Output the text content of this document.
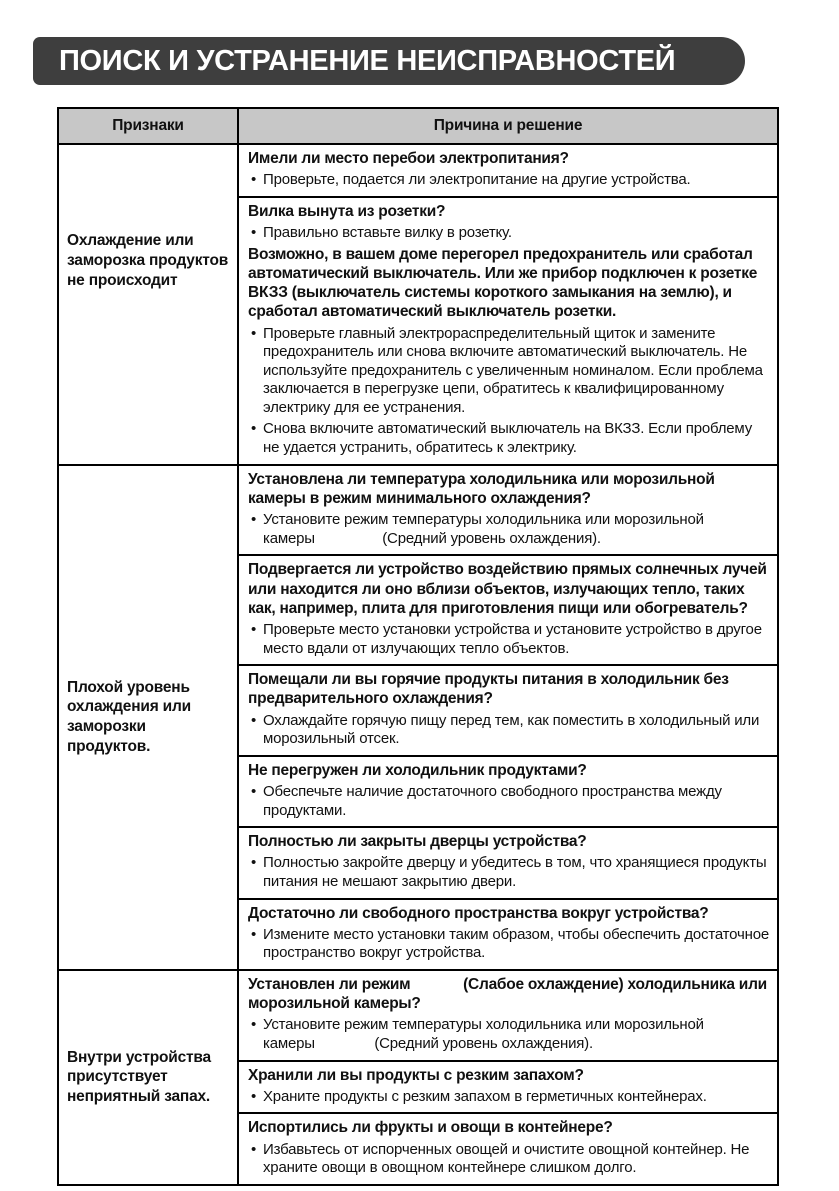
ПОИСК И УСТРАНЕНИЕ НЕИСПРАВНОСТЕЙ
Признаки	Причина и решение
Охлаждение или заморозка продуктов не происходит
Имели ли место перебои электропитания?
• Проверьте, подается ли электропитание на другие устройства.
Вилка вынута из розетки?
• Правильно вставьте вилку в розетку.
Возможно, в вашем доме перегорел предохранитель или сработал автоматический выключатель. Или же прибор подключен к розетке ВКЗЗ (выключатель системы короткого замыкания на землю), и сработал автоматический выключатель розетки.
• Проверьте главный электрораспределительный щиток и замените предохранитель или снова включите автоматический выключатель. Не используйте предохранитель с увеличенным номиналом. Если проблема заключается в перегрузке цепи, обратитесь к квалифицированному электрику для ее устранения.
• Снова включите автоматический выключатель на ВКЗЗ. Если проблему не удается устранить, обратитесь к электрику.
Плохой уровень охлаждения или заморозки продуктов.
Установлена ли температура холодильника или морозильной камеры в режим минимального охлаждения?
• Установите режим температуры холодильника или морозильной камеры                 (Средний уровень охлаждения).
Подвергается ли устройство воздействию прямых солнечных лучей или находится ли оно вблизи объектов, излучающих тепло, таких как, например, плита для приготовления пищи или обогреватель?
• Проверьте место установки устройства и установите устройство в другое место вдали от излучающих тепло объектов.
Помещали ли вы горячие продукты питания в холодильник без предварительного охлаждения?
• Охлаждайте горячую пищу перед тем, как поместить в холодильный или морозильный отсек.
Не перегружен ли холодильник продуктами?
• Обеспечьте наличие достаточного свободного пространства между продуктами.
Полностью ли закрыты дверцы устройства?
• Полностью закройте дверцу и убедитесь в том, что хранящиеся продукты питания не мешают закрытию двери.
Достаточно ли свободного пространства вокруг устройства?
• Измените место установки таким образом, чтобы обеспечить достаточное пространство вокруг устройства.
Внутри устройства присутствует неприятный запах.
Установлен ли режим             (Слабое охлаждение) холодильника или морозильной камеры?
• Установите режим температуры холодильника или морозильной камеры               (Средний уровень охлаждения).
Хранили ли вы продукты с резким запахом?
• Храните продукты с резким запахом в герметичных контейнерах.
Испортились ли фрукты и овощи в контейнере?
• Избавьтесь от испорченных овощей и очистите овощной контейнер. Не храните овощи в овощном контейнере слишком долго.
